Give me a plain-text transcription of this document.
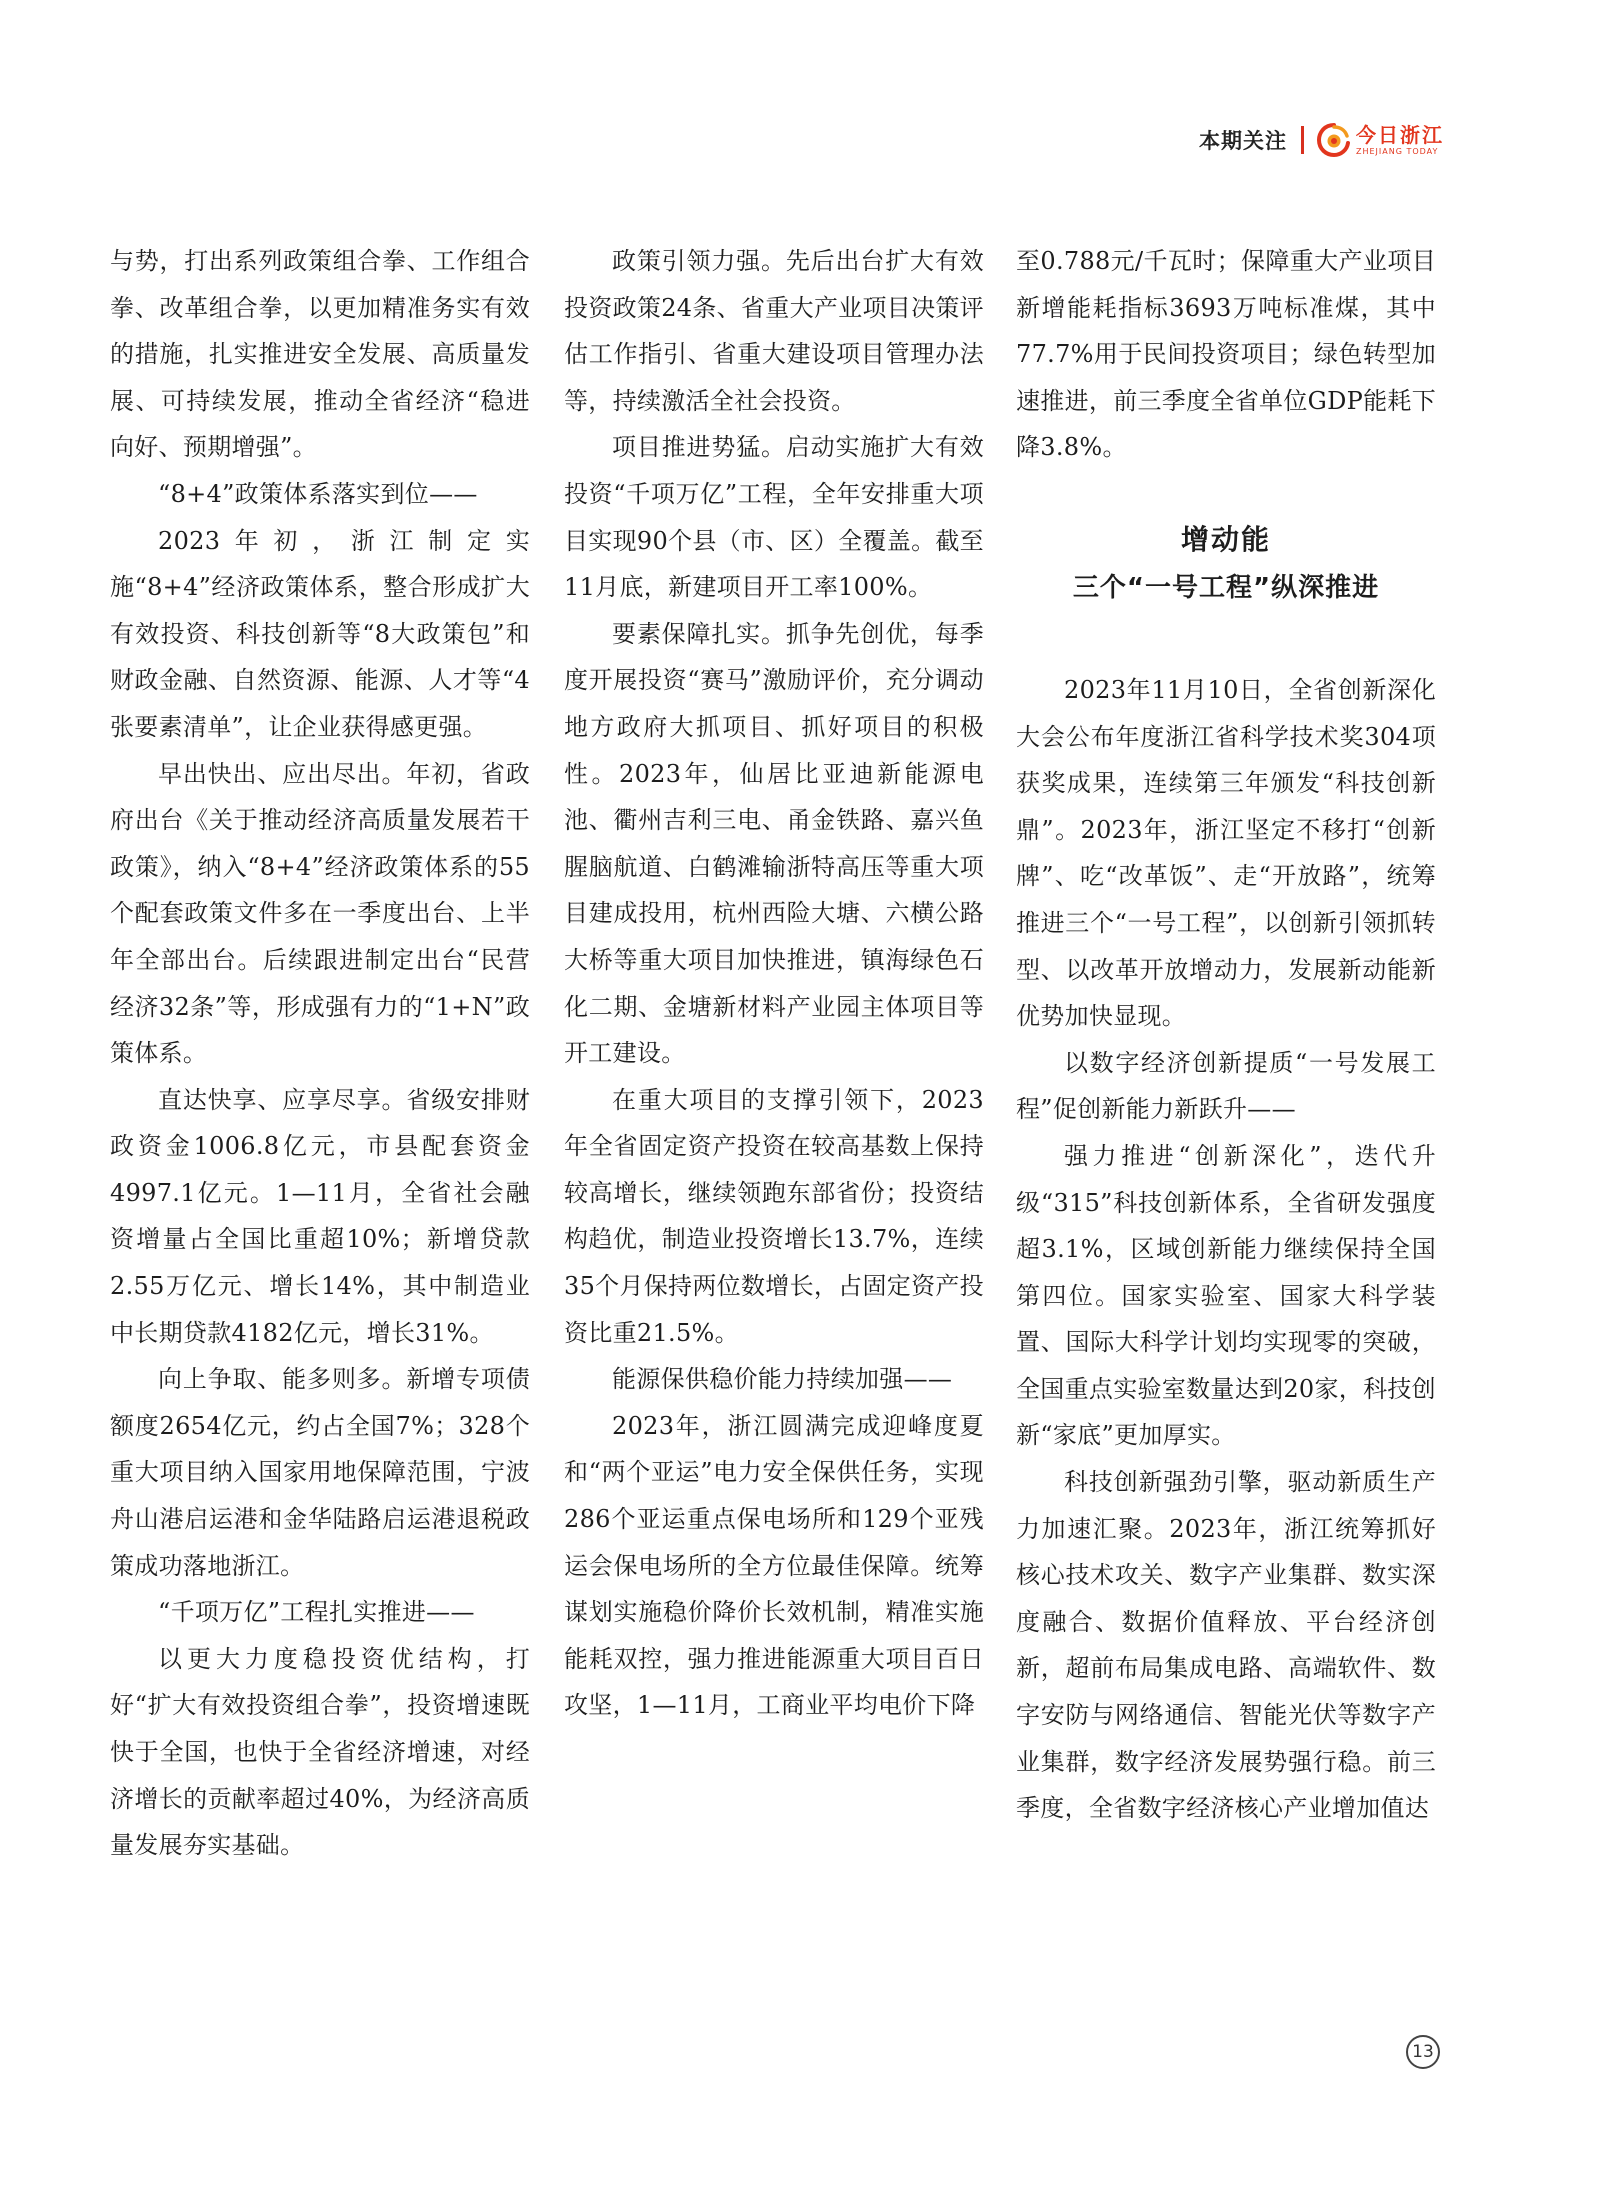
本期关注	今日浙江
ZHEJIANG TODAY

与势，打出系列政策组合拳、工作组合拳、改革组合拳，以更加精准务实有效的措施，扎实推进安全发展、高质量发展、可持续发展，推动全省经济“稳进向好、预期增强”。

“8+4”政策体系落实到位——

2023年初，浙江制定实施“8+4”经济政策体系，整合形成扩大有效投资、科技创新等“8大政策包”和财政金融、自然资源、能源、人才等“4张要素清单”，让企业获得感更强。

早出快出、应出尽出。年初，省政府出台《关于推动经济高质量发展若干政策》，纳入“8+4”经济政策体系的55个配套政策文件多在一季度出台、上半年全部出台。后续跟进制定出台“民营经济32条”等，形成强有力的“1+N”政策体系。

直达快享、应享尽享。省级安排财政资金1006.8亿元，市县配套资金4997.1亿元。1—11月，全省社会融资增量占全国比重超10%；新增贷款2.55万亿元、增长14%，其中制造业中长期贷款4182亿元，增长31%。

向上争取、能多则多。新增专项债额度2654亿元，约占全国7%；328个重大项目纳入国家用地保障范围，宁波舟山港启运港和金华陆路启运港退税政策成功落地浙江。

“千项万亿”工程扎实推进——

以更大力度稳投资优结构，打好“扩大有效投资组合拳”，投资增速既快于全国，也快于全省经济增速，对经济增长的贡献率超过40%，为经济高质量发展夯实基础。

政策引领力强。先后出台扩大有效投资政策24条、省重大产业项目决策评估工作指引、省重大建设项目管理办法等，持续激活全社会投资。

项目推进势猛。启动实施扩大有效投资“千项万亿”工程，全年安排重大项目实现90个县（市、区）全覆盖。截至11月底，新建项目开工率100%。

要素保障扎实。抓争先创优，每季度开展投资“赛马”激励评价，充分调动地方政府大抓项目、抓好项目的积极性。2023年，仙居比亚迪新能源电池、衢州吉利三电、甬金铁路、嘉兴鱼腥脑航道、白鹤滩输浙特高压等重大项目建成投用，杭州西险大塘、六横公路大桥等重大项目加快推进，镇海绿色石化二期、金塘新材料产业园主体项目等开工建设。

在重大项目的支撑引领下，2023年全省固定资产投资在较高基数上保持较高增长，继续领跑东部省份；投资结构趋优，制造业投资增长13.7%，连续35个月保持两位数增长，占固定资产投资比重21.5%。

能源保供稳价能力持续加强——

2023年，浙江圆满完成迎峰度夏和“两个亚运”电力安全保供任务，实现286个亚运重点保电场所和129个亚残运会保电场所的全方位最佳保障。统筹谋划实施稳价降价长效机制，精准实施能耗双控，强力推进能源重大项目百日攻坚，1—11月，工商业平均电价下降

至0.788元/千瓦时；保障重大产业项目新增能耗指标3693万吨标准煤，其中77.7%用于民间投资项目；绿色转型加速推进，前三季度全省单位GDP能耗下降3.8%。

增动能
三个“一号工程”纵深推进

2023年11月10日，全省创新深化大会公布年度浙江省科学技术奖304项获奖成果，连续第三年颁发“科技创新鼎”。2023年，浙江坚定不移打“创新牌”、吃“改革饭”、走“开放路”，统筹推进三个“一号工程”，以创新引领抓转型、以改革开放增动力，发展新动能新优势加快显现。

以数字经济创新提质“一号发展工程”促创新能力新跃升——

强力推进“创新深化”，迭代升级“315”科技创新体系，全省研发强度超3.1%，区域创新能力继续保持全国第四位。国家实验室、国家大科学装置、国际大科学计划均实现零的突破，全国重点实验室数量达到20家，科技创新“家底”更加厚实。

科技创新强劲引擎，驱动新质生产力加速汇聚。2023年，浙江统筹抓好核心技术攻关、数字产业集群、数实深度融合、数据价值释放、平台经济创新，超前布局集成电路、高端软件、数字安防与网络通信、智能光伏等数字产业集群，数字经济发展势强行稳。前三季度，全省数字经济核心产业增加值达

13
